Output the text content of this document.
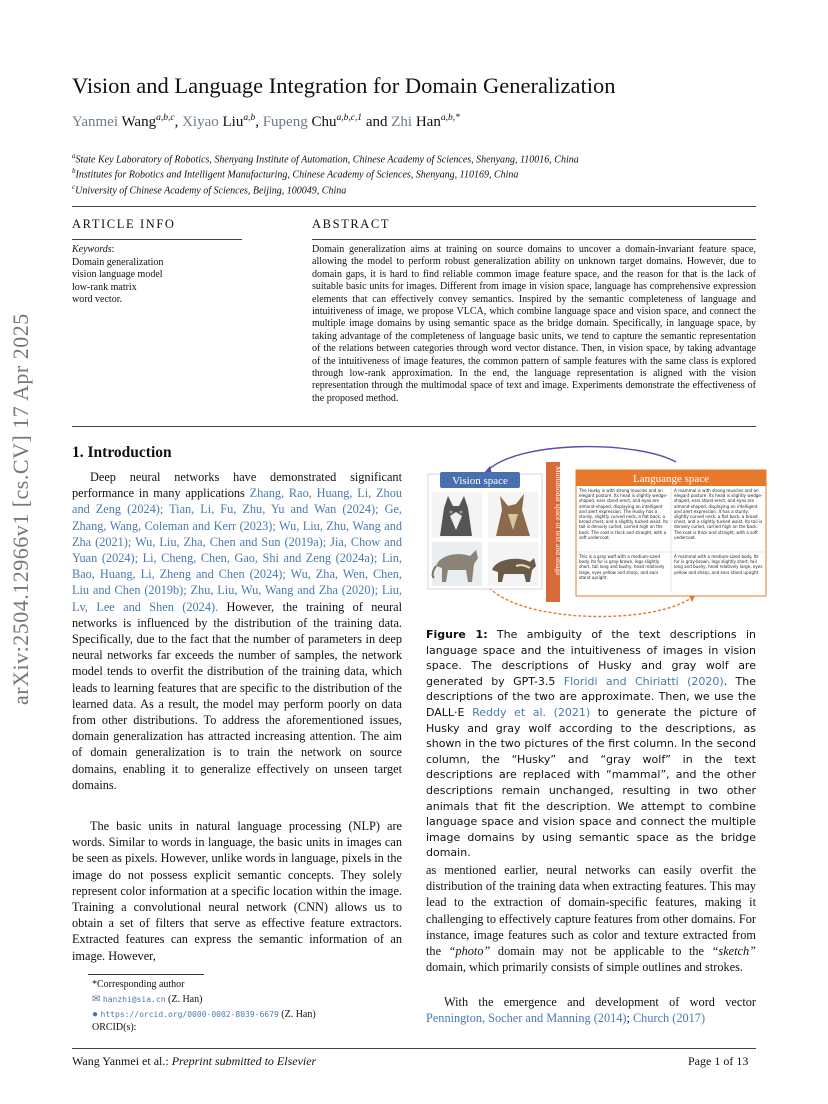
Vision and Language Integration for Domain Generalization
Yanmei Wang$^{a,b,c}$, Xiyao Liu$^{a,b}$, Fupeng Chu$^{a,b,c,1}$ and Zhi Han$^{a,b,*}$
$^a$State Key Laboratory of Robotics, Shenyang Institute of Automation, Chinese Academy of Sciences, Shenyang, 110016, China
$^b$Institutes for Robotics and Intelligent Manufacturing, Chinese Academy of Sciences, Shenyang, 110169, China
$^c$University of Chinese Academy of Sciences, Beijing, 100049, China
ARTICLE INFO	ABSTRACT
Keywords:
Domain generalization
vision language model
low-rank matrix
word vector.
Domain generalization aims at training on source domains to uncover a domain-invariant feature space, allowing the model to perform robust generalization ability on unknown target domains. However, due to domain gaps, it is hard to find reliable common image feature space, and the reason for that is the lack of suitable basic units for images. Different from image in vision space, language has comprehensive expression elements that can effectively convey semantics. Inspired by the semantic completeness of language and intuitiveness of image, we propose VLCA, which combine language space and vision space, and connect the multiple image domains by using semantic space as the bridge domain. Specifically, in language space, by taking advantage of the completeness of language basic units, we tend to capture the semantic representation of the relations between categories through word vector distance. Then, in vision space, by taking advantage of the intuitiveness of image features, the common pattern of sample features with the same class is explored through low-rank approximation. In the end, the language representation is aligned with the vision representation through the multimodal space of text and image. Experiments demonstrate the effectiveness of the proposed method.
arXiv:2504.12966v1 [cs.CV] 17 Apr 2025	1. Introduction
Deep neural networks have demonstrated significant performance in many applications Zhang, Rao, Huang, Li, Zhou and Zeng (2024); Tian, Li, Fu, Zhu, Yu and Wan (2024); Ge, Zhang, Wang, Coleman and Kerr (2023); Wu, Liu, Zhu, Wang and Zha (2021); Wu, Liu, Zha, Chen and Sun (2019a); Jia, Chow and Yuan (2024); Li, Cheng, Chen, Gao, Shi and Zeng (2024a); Lin, Bao, Huang, Li, Zheng and Chen (2024); Wu, Zha, Wen, Chen, Liu and Chen (2019b); Zhu, Liu, Wu, Wang and Zha (2020); Liu, Lv, Lee and Shen (2024). However, the training of neural networks is influenced by the distribution of the training data. Specifically, due to the fact that the number of parameters in deep neural networks far exceeds the number of samples, the network model tends to overfit the distribution of the training data, which leads to learning features that are specific to the distribution of the learned data. As a result, the model may perform poorly on data from other distributions. To address the aforementioned issues, domain generalization has attracted increasing attention. The aim of domain generalization is to train the network on source domains, enabling it to generalize effectively on unseen target domains.
The basic units in natural language processing (NLP) are words. Similar to words in language, the basic units in images can be seen as pixels. However, unlike words in language, pixels in the image do not possess explicit semantic concepts. They solely represent color information at a specific location within the image. Training a convolutional neural network (CNN) allows us to obtain a set of filters that serve as effective feature extractors. Extracted features can express the semantic information of an image. However,
Vision space	Multimodal space of text and image	Languange space
The Husky is with strong muscles and an elegant posture. Its head is slightly wedge-shaped, ears stand erect, and eyes are almond-shaped, displaying an intelligent and alert expression. The Husky has a sturdy, slightly curved neck, a flat back, a broad chest, and a slightly tucked waist. Its tail is densely curled, carried high on the back. The coat is thick and straight, with a soft undercoat.
A mammal is with strong muscles and an elegant posture. Its head is slightly wedge-shaped, ears stand erect, and eyes are almond-shaped, displaying an intelligent and alert expression. It has a sturdy, slightly curved neck, a flat back, a broad chest, and a slightly tucked waist. Its tail is densely curled, carried high on the back. The coat is thick and straight, with a soft undercoat.
This is a gray wolf with a medium-sized body. Its fur is gray-brown, legs slightly short, tail long and bushy, head relatively large, eyes yellow and sharp, and ears stand upright.
A mammal with a medium-sized body. Its fur is gray-brown, legs slightly short, tail long and bushy, head relatively large, eyes yellow and sharp, and ears stand upright.
Figure 1: The ambiguity of the text descriptions in language space and the intuitiveness of images in vision space. The descriptions of Husky and gray wolf are generated by GPT-3.5 Floridi and Chiriatti (2020). The descriptions of the two are approximate. Then, we use the DALL·E Reddy et al. (2021) to generate the picture of Husky and gray wolf according to the descriptions, as shown in the two pictures of the first column. In the second column, the “Husky” and “gray wolf” in the text descriptions are replaced with “mammal”, and the other descriptions remain unchanged, resulting in two other animals that fit the description. We attempt to combine language space and vision space and connect the multiple image domains by using semantic space as the bridge domain.
as mentioned earlier, neural networks can easily overfit the distribution of the training data when extracting features. This may lead to the extraction of domain-specific features, making it challenging to effectively capture features from other domains. For instance, image features such as color and texture extracted from the “photo” domain may not be applicable to the “sketch” domain, which primarily consists of simple outlines and strokes.
With the emergence and development of word vector Pennington, Socher and Manning (2014); Church (2017)
*Corresponding author
✉ hanzhi@sia.cn (Z. Han)
● https://orcid.org/0000-0002-8039-6679 (Z. Han)
ORCID(s):
Wang Yanmei et al.: Preprint submitted to Elsevier	Page 1 of 13
